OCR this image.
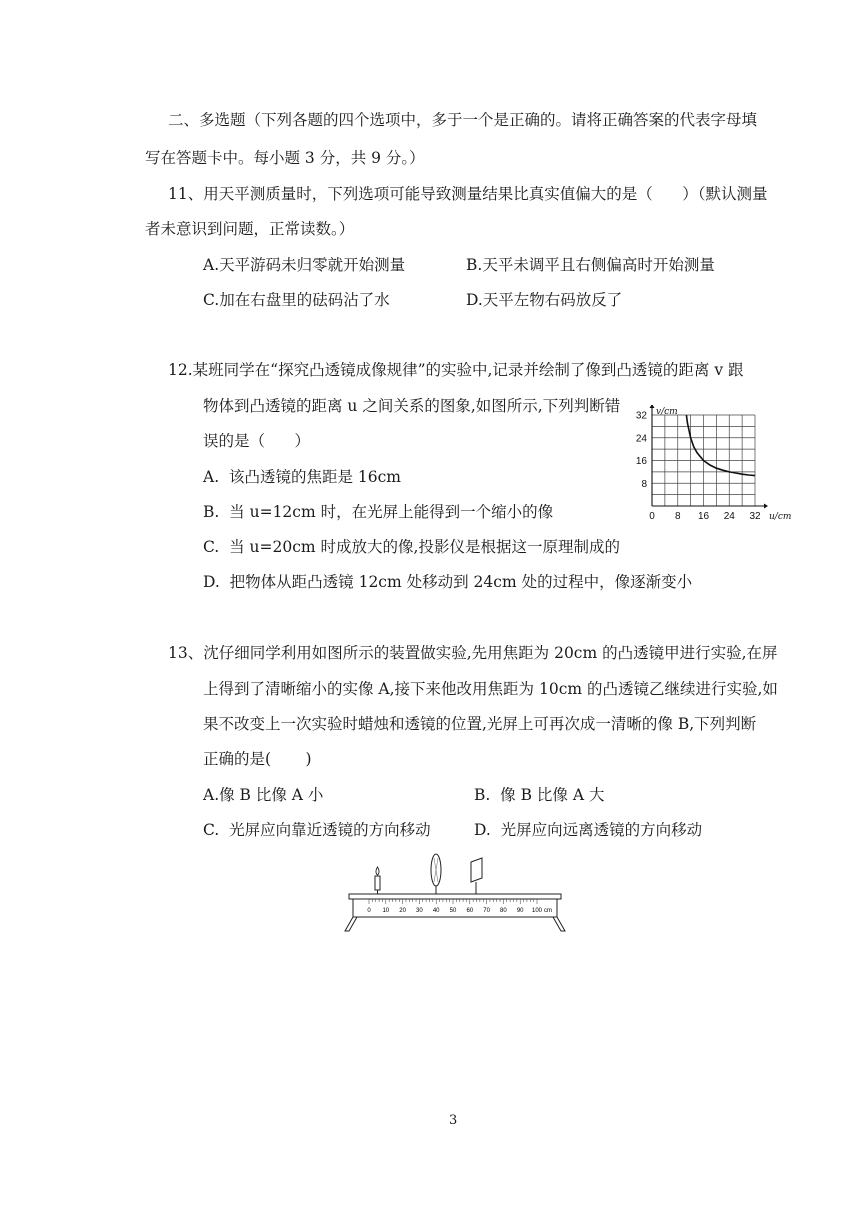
二、多选题（下列各题的四个选项中，多于一个是正确的。请将正确答案的代表字母填
写在答题卡中。每小题 3 分，共 9 分。）
11、用天平测质量时，下列选项可能导致测量结果比真实值偏大的是（      ）（默认测量
者未意识到问题，正常读数。）
A.天平游码未归零就开始测量	B.天平未调平且右侧偏高时开始测量
C.加在右盘里的砝码沾了水	D.天平左物右码放反了
12.某班同学在“探究凸透镜成像规律”的实验中,记录并绘制了像到凸透镜的距离 v 跟
物体到凸透镜的距离 u 之间关系的图象,如图所示,下列判断错
误的是（      ）
A.  该凸透镜的焦距是 16cm
B.  当 u=12cm 时，在光屏上能得到一个缩小的像
C.  当 u=20cm 时成放大的像,投影仪是根据这一原理制成的
D.  把物体从距凸透镜 12cm 处移动到 24cm 处的过程中，像逐渐变小
0 8 16 24 32
8
16
24
32 v/cm
u/cm
13、沈仔细同学利用如图所示的装置做实验,先用焦距为 20cm 的凸透镜甲进行实验,在屏
上得到了清晰缩小的实像 A,接下来他改用焦距为 10cm 的凸透镜乙继续进行实验,如
果不改变上一次实验时蜡烛和透镜的位置,光屏上可再次成一清晰的像 B,下列判断
正确的是(       )
A.像 B 比像 A 小	B.  像 B 比像 A 大
C.  光屏应向靠近透镜的方向移动	D.  光屏应向远离透镜的方向移动
0 10 20 30 40 50 60 70 80 90 100 cm
3
